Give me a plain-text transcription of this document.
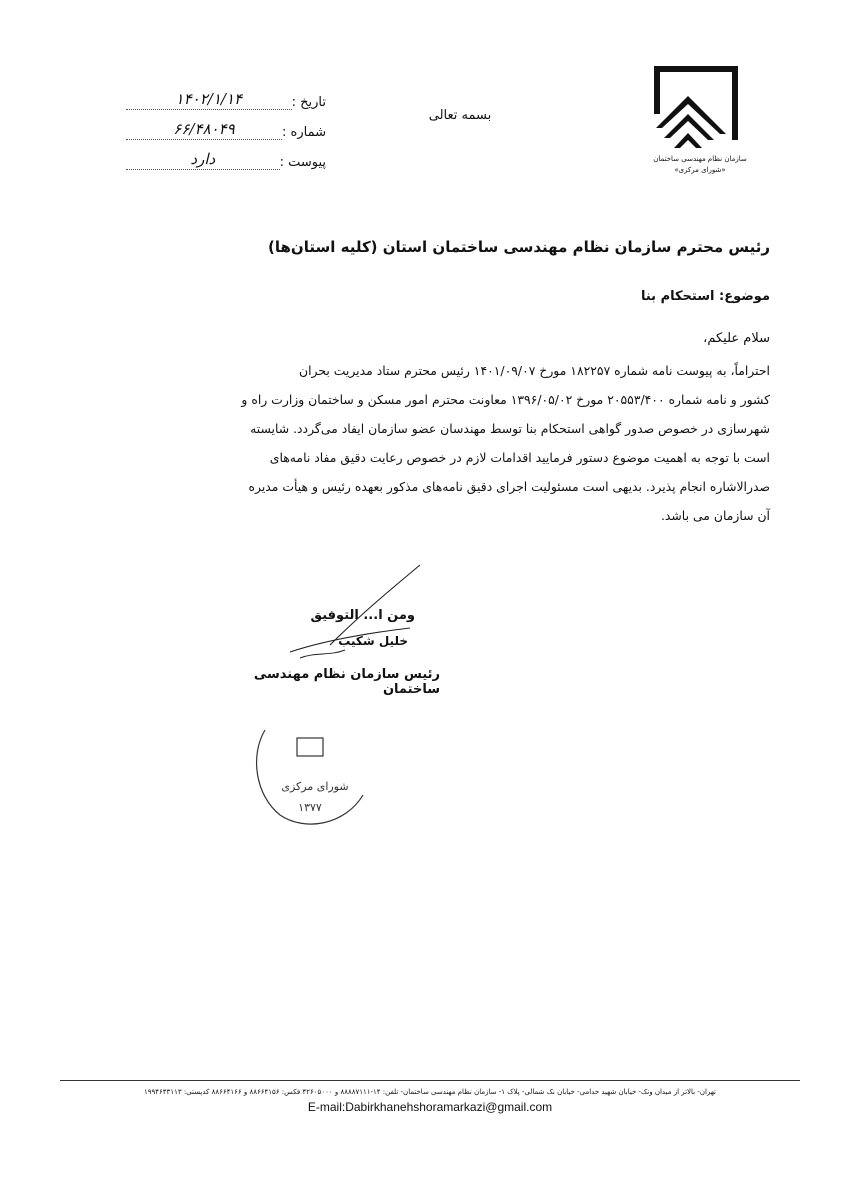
سازمان نظام مهندسی ساختمان
«شورای مرکزی»
بسمه تعالی
تاریخ :
۱۴۰۲/۱/۱۴
شماره :
۶۶/۴۸۰۴۹
پیوست :
دارد
رئیس محترم سازمان نظام مهندسی ساختمان استان (کلیه استان‌ها)
موضوع: استحکام بنا
سلام علیکم،

احتراماً، به پیوست نامه شماره ۱۸۲۲۵۷ مورخ ۱۴۰۱/۰۹/۰۷ رئیس محترم ستاد مدیریت بحران

کشور و نامه شماره ۲۰۵۵۳/۴۰۰ مورخ ۱۳۹۶/۰۵/۰۲ معاونت محترم امور مسکن و ساختمان وزارت راه و

شهرسازی در خصوص صدور گواهی استحکام بنا توسط مهندسان عضو سازمان ایفاد می‌گردد. شایسته

است با توجه به اهمیت موضوع دستور فرمایید اقدامات لازم در خصوص رعایت دقیق مفاد نامه‌های

صدرالاشاره انجام پذیرد. بدیهی است مسئولیت اجرای دقیق نامه‌های مذکور بعهده رئیس و هیأت مدیره

آن سازمان می باشد.

ومن ا... التوفیق
خلیل شکیب
رئیس سازمان نظام مهندسی ساختمان
شورای مرکزی
۱۳۷۷
تهران- بالاتر از میدان ونک- خیابان شهید خدامی- خیابان نک شمالی- پلاک ۱- سازمان نظام مهندسی ساختمان- تلفن: ۱۴-۸۸۸۸۷۱۱۱ و ۴۲۶۰۵۰۰۰ فکس: ۸۸۶۶۴۱۵۶ و ۸۸۶۶۴۱۶۶ کدپستی: ۱۹۹۴۶۴۳۱۱۳
E-mail:Dabirkhanehshoramarkazi@gmail.com
